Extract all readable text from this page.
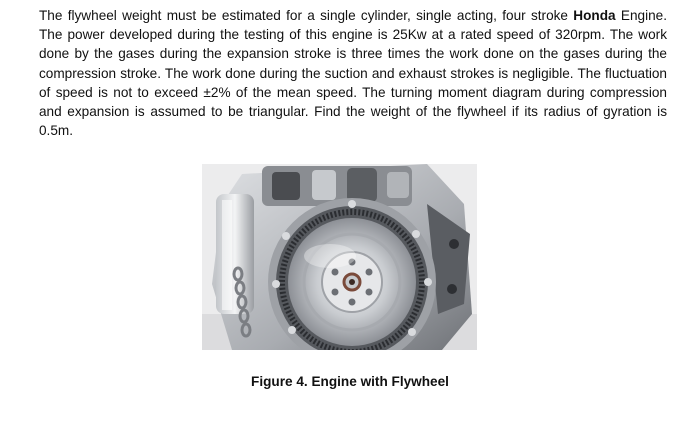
The flywheel weight must be estimated for a single cylinder, single acting, four stroke Honda Engine. The power developed during the testing of this engine is 25Kw at a rated speed of 320rpm. The work done by the gases during the expansion stroke is three times the work done on the gases during the compression stroke. The work done during the suction and exhaust strokes is negligible. The fluctuation of speed is not to exceed ±2% of the mean speed. The turning moment diagram during compression and expansion is assumed to be triangular. Find the weight of the flywheel if its radius of gyration is 0.5m.

Figure 4. Engine with Flywheel
